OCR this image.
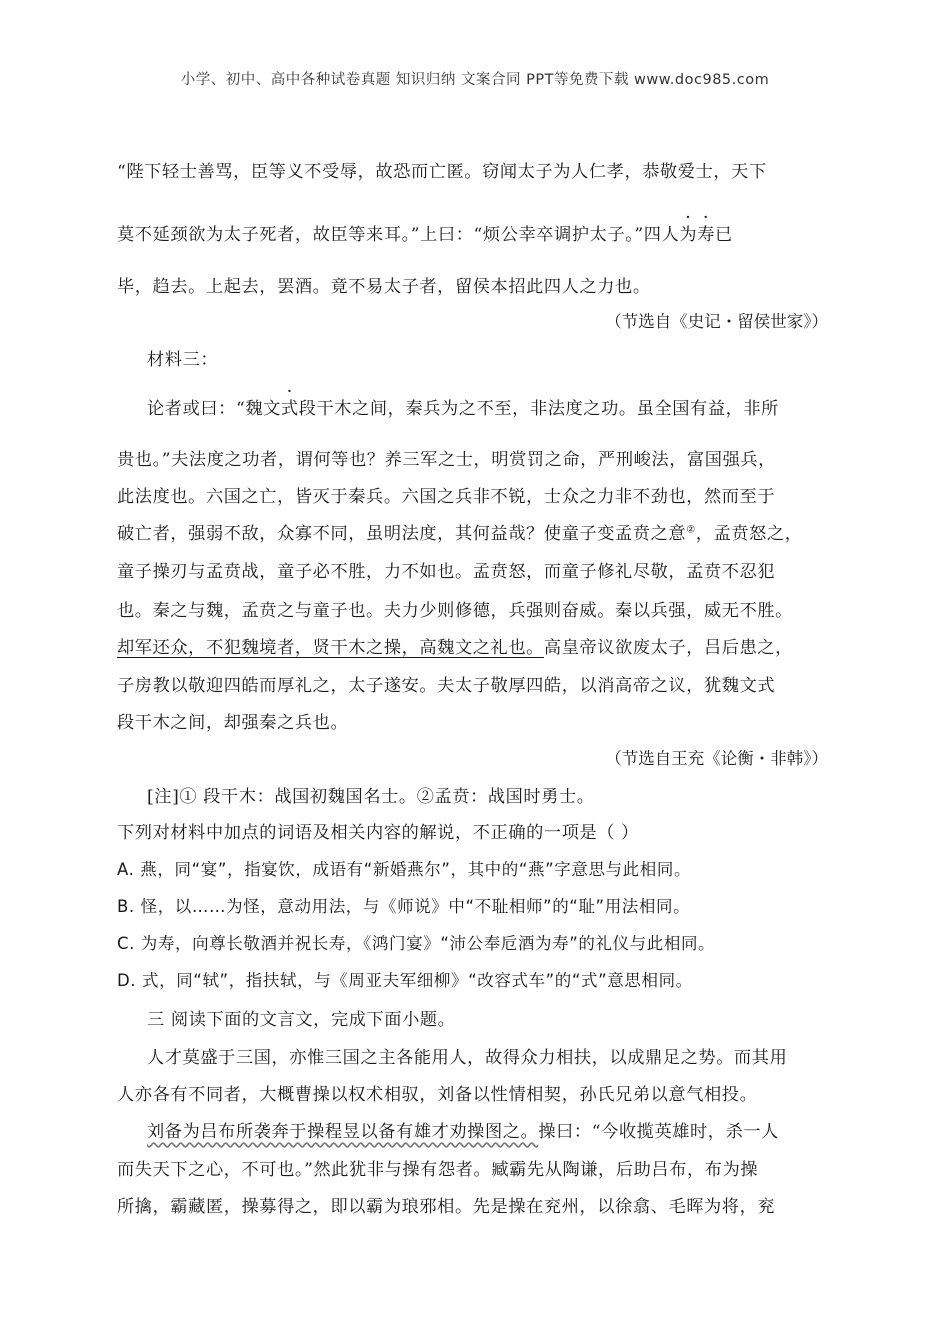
小学、初中、高中各种试卷真题 知识归纳 文案合同 PPT等免费下载 www.doc985.com
“陛下轻士善骂，臣等义不受辱，故恐而亡匿。窃闻太子为人仁孝，恭敬爱士，天下
莫不延颈欲为太子死者，故臣等来耳。”上曰：“烦公幸卒调护太子。”四人为寿已
毕，趋去。上起去，罢酒。竟不易太子者，留侯本招此四人之力也。
（节选自《史记・留侯世家》）
材料三：
论者或曰：“魏文式段干木之间，秦兵为之不至，非法度之功。虽全国有益，非所
贵也。”夫法度之功者，谓何等也？养三军之士，明赏罚之命，严刑峻法，富国强兵，
此法度也。六国之亡，皆灭于秦兵。六国之兵非不锐，士众之力非不劲也，然而至于
破亡者，强弱不敌，众寡不同，虽明法度，其何益哉？使童子变孟贲之意②，孟贲怒之，
童子操刃与孟贲战，童子必不胜，力不如也。孟贲怒，而童子修礼尽敬，孟贲不忍犯
也。秦之与魏，孟贲之与童子也。夫力少则修德，兵强则奋威。秦以兵强，威无不胜。
却军还众，不犯魏境者，贤干木之操，高魏文之礼也。高皇帝议欲废太子，吕后患之，
子房教以敬迎四皓而厚礼之，太子遂安。夫太子敬厚四皓，以消高帝之议，犹魏文式
段干木之间，却强秦之兵也。
（节选自王充《论衡・非韩》）
[注]① 段干木：战国初魏国名士。②孟贲：战国时勇士。
下列对材料中加点的词语及相关内容的解说，不正确的一项是（ ）
A. 燕，同“宴”，指宴饮，成语有“新婚燕尔”，其中的“燕”字意思与此相同。
B. 怪，以……为怪，意动用法，与《师说》中“不耻相师”的“耻”用法相同。
C. 为寿，向尊长敬酒并祝长寿，《鸿门宴》“沛公奉卮酒为寿”的礼仪与此相同。
D. 式，同“轼”，指扶轼，与《周亚夫军细柳》“改容式车”的“式”意思相同。
三 阅读下面的文言文，完成下面小题。
人才莫盛于三国，亦惟三国之主各能用人，故得众力相扶，以成鼎足之势。而其用
人亦各有不同者，大概曹操以权术相驭，刘备以性情相契，孙氏兄弟以意气相投。
刘备为吕布所袭奔于操程昱以备有雄才劝操图之。操曰：“今收揽英雄时，杀一人
而失天下之心，不可也。”然此犹非与操有怨者。臧霸先从陶谦，后助吕布，布为操
所擒，霸藏匿，操募得之，即以霸为琅邪相。先是操在兖州，以徐翕、毛晖为将，兖
